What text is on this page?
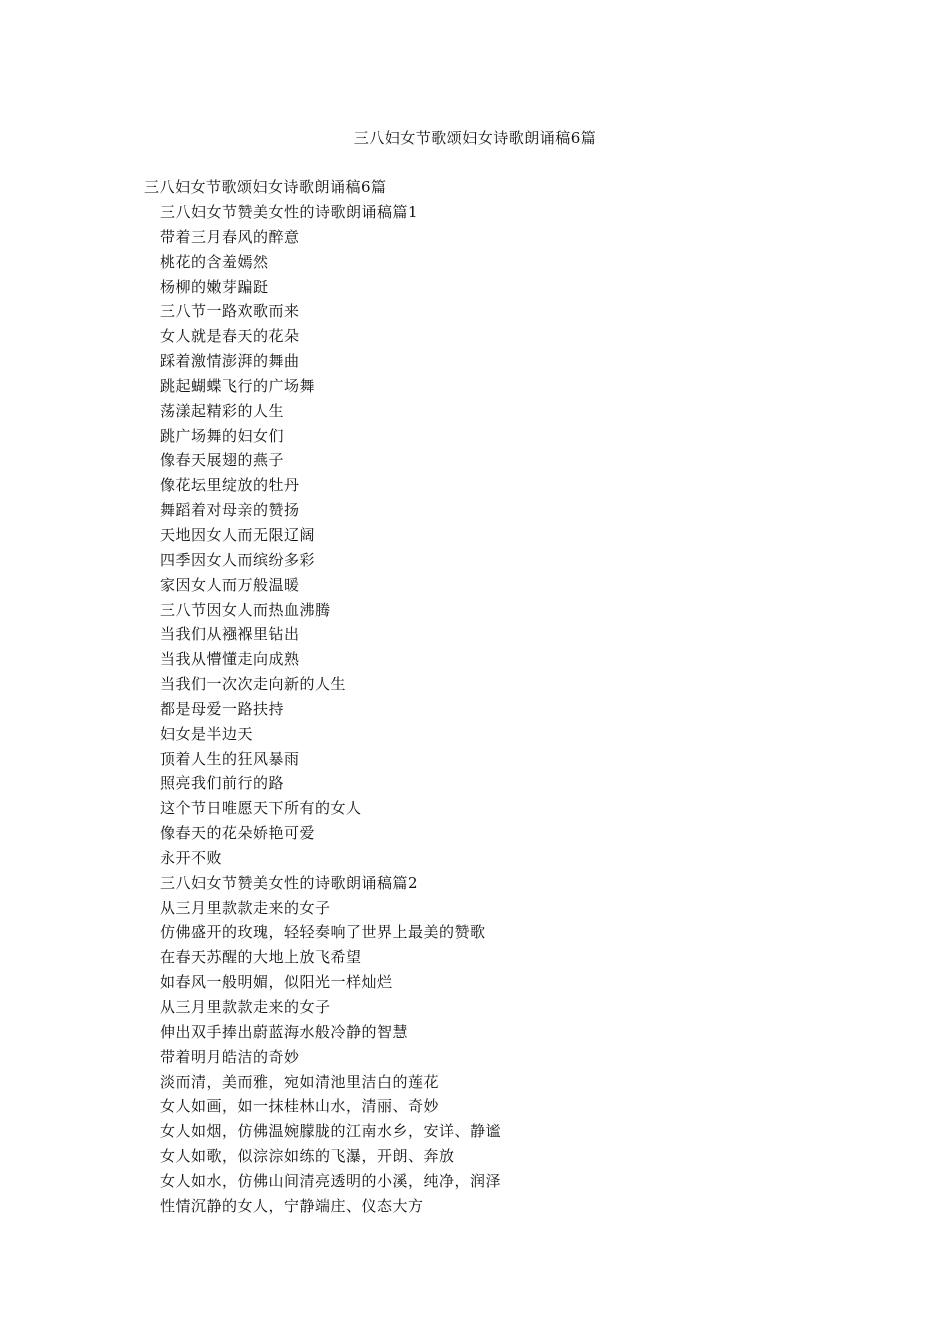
三八妇女节歌颂妇女诗歌朗诵稿6篇
三八妇女节歌颂妇女诗歌朗诵稿6篇
三八妇女节赞美女性的诗歌朗诵稿篇1
带着三月春风的醉意
桃花的含羞嫣然
杨柳的嫩芽蹁跹
三八节一路欢歌而来
女人就是春天的花朵
踩着激情澎湃的舞曲
跳起蝴蝶飞行的广场舞
荡漾起精彩的人生
跳广场舞的妇女们
像春天展翅的燕子
像花坛里绽放的牡丹
舞蹈着对母亲的赞扬
天地因女人而无限辽阔
四季因女人而缤纷多彩
家因女人而万般温暖
三八节因女人而热血沸腾
当我们从襁褓里钻出
当我从懵懂走向成熟
当我们一次次走向新的人生
都是母爱一路扶持
妇女是半边天
顶着人生的狂风暴雨
照亮我们前行的路
这个节日唯愿天下所有的女人
像春天的花朵娇艳可爱
永开不败
三八妇女节赞美女性的诗歌朗诵稿篇2
从三月里款款走来的女子
仿佛盛开的玫瑰，轻轻奏响了世界上最美的赞歌
在春天苏醒的大地上放飞希望
如春风一般明媚，似阳光一样灿烂
从三月里款款走来的女子
伸出双手捧出蔚蓝海水般冷静的智慧
带着明月皓洁的奇妙
淡而清，美而雅，宛如清池里洁白的莲花
女人如画，如一抹桂林山水，清丽、奇妙
女人如烟，仿佛温婉朦胧的江南水乡，安详、静谧
女人如歌，似淙淙如练的飞瀑，开朗、奔放
女人如水，仿佛山间清亮透明的小溪，纯净，润泽
性情沉静的女人，宁静端庄、仪态大方
